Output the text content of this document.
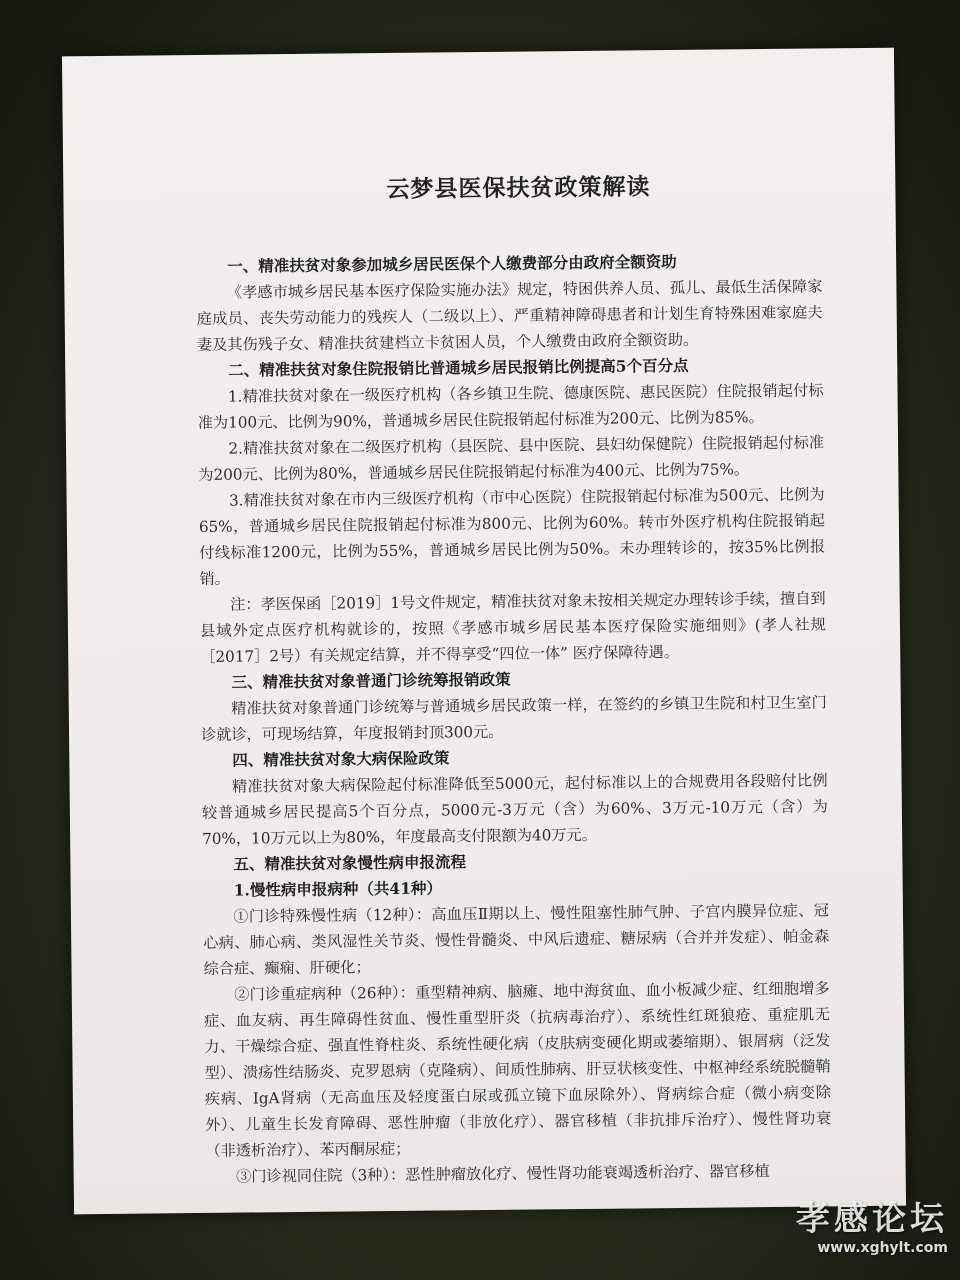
云梦县医保扶贫政策解读
一、精准扶贫对象参加城乡居民医保个人缴费部分由政府全额资助
《孝感市城乡居民基本医疗保险实施办法》规定，特困供养人员、孤儿、最低生活保障家庭成员、丧失劳动能力的残疾人（二级以上）、严重精神障碍患者和计划生育特殊困难家庭夫妻及其伤残子女、精准扶贫建档立卡贫困人员，个人缴费由政府全额资助。
二、精准扶贫对象住院报销比普通城乡居民报销比例提高5个百分点
1.精准扶贫对象在一级医疗机构（各乡镇卫生院、德康医院、惠民医院）住院报销起付标准为100元、比例为90%，普通城乡居民住院报销起付标准为200元、比例为85%。
2.精准扶贫对象在二级医疗机构（县医院、县中医院、县妇幼保健院）住院报销起付标准为200元、比例为80%，普通城乡居民住院报销起付标准为400元、比例为75%。
3.精准扶贫对象在市内三级医疗机构（市中心医院）住院报销起付标准为500元、比例为65%，普通城乡居民住院报销起付标准为800元、比例为60%。转市外医疗机构住院报销起付线标准1200元，比例为55%，普通城乡居民比例为50%。未办理转诊的，按35%比例报销。
注：孝医保函［2019］1号文件规定，精准扶贫对象未按相关规定办理转诊手续，擅自到县域外定点医疗机构就诊的，按照《孝感市城乡居民基本医疗保险实施细则》(孝人社规［2017］2号）有关规定结算，并不得享受“四位一体” 医疗保障待遇。
三、精准扶贫对象普通门诊统筹报销政策
精准扶贫对象普通门诊统筹与普通城乡居民政策一样，在签约的乡镇卫生院和村卫生室门诊就诊，可现场结算，年度报销封顶300元。
四、精准扶贫对象大病保险政策
精准扶贫对象大病保险起付标准降低至5000元，起付标准以上的合规费用各段赔付比例较普通城乡居民提高5个百分点，5000元-3万元（含）为60%、3万元-10万元（含）为70%，10万元以上为80%，年度最高支付限额为40万元。
五、精准扶贫对象慢性病申报流程
1.慢性病申报病种（共41种）
①门诊特殊慢性病（12种）：高血压Ⅱ期以上、慢性阻塞性肺气肿、子宫内膜异位症、冠心病、肺心病、类风湿性关节炎、慢性骨髓炎、中风后遗症、糖尿病（合并并发症）、帕金森综合症、癫痫、肝硬化；
②门诊重症病种（26种）：重型精神病、脑瘫、地中海贫血、血小板减少症、红细胞增多症、血友病、再生障碍性贫血、慢性重型肝炎（抗病毒治疗）、系统性红斑狼疮、重症肌无力、干燥综合症、强直性脊柱炎、系统性硬化病（皮肤病变硬化期或萎缩期）、银屑病（泛发型）、溃疡性结肠炎、克罗恩病（克隆病）、间质性肺病、肝豆状核变性、中枢神经系统脱髓鞘疾病、IgA肾病（无高血压及轻度蛋白尿或孤立镜下血尿除外）、肾病综合症（微小病变除外）、儿童生长发育障碍、恶性肿瘤（非放化疗）、器官移植（非抗排斥治疗）、慢性肾功衰（非透析治疗）、苯丙酮尿症；
③门诊视同住院（3种）：恶性肿瘤放化疗、慢性肾功能衰竭透析治疗、器官移植
孝感论坛
www.xghylt.com
